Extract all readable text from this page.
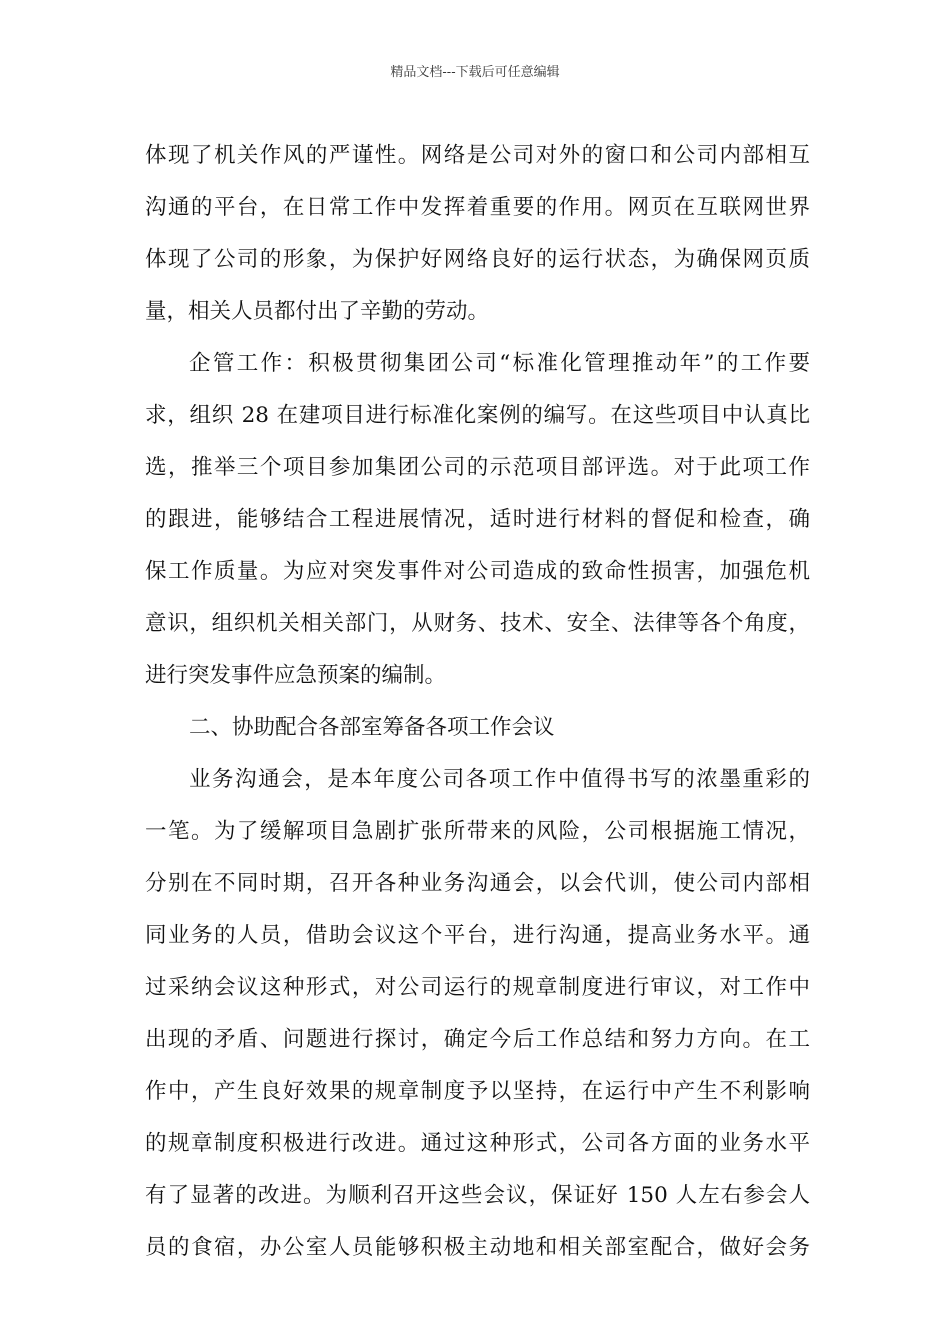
精品文档---下载后可任意编辑
体现了机关作风的严谨性。网络是公司对外的窗口和公司内部相互
沟通的平台，在日常工作中发挥着重要的作用。网页在互联网世界
体现了公司的形象，为保护好网络良好的运行状态，为确保网页质
量，相关人员都付出了辛勤的劳动。
企管工作：积极贯彻集团公司“标准化管理推动年”的工作要
求，组织 28 在建项目进行标准化案例的编写。在这些项目中认真比
选，推举三个项目参加集团公司的示范项目部评选。对于此项工作
的跟进，能够结合工程进展情况，适时进行材料的督促和检查，确
保工作质量。为应对突发事件对公司造成的致命性损害，加强危机
意识，组织机关相关部门，从财务、技术、安全、法律等各个角度，
进行突发事件应急预案的编制。
二、协助配合各部室筹备各项工作会议
业务沟通会，是本年度公司各项工作中值得书写的浓墨重彩的
一笔。为了缓解项目急剧扩张所带来的风险，公司根据施工情况，
分别在不同时期，召开各种业务沟通会，以会代训，使公司内部相
同业务的人员，借助会议这个平台，进行沟通，提高业务水平。通
过采纳会议这种形式，对公司运行的规章制度进行审议，对工作中
出现的矛盾、问题进行探讨，确定今后工作总结和努力方向。在工
作中，产生良好效果的规章制度予以坚持，在运行中产生不利影响
的规章制度积极进行改进。通过这种形式，公司各方面的业务水平
有了显著的改进。为顺利召开这些会议，保证好 150 人左右参会人
员的食宿，办公室人员能够积极主动地和相关部室配合，做好会务
